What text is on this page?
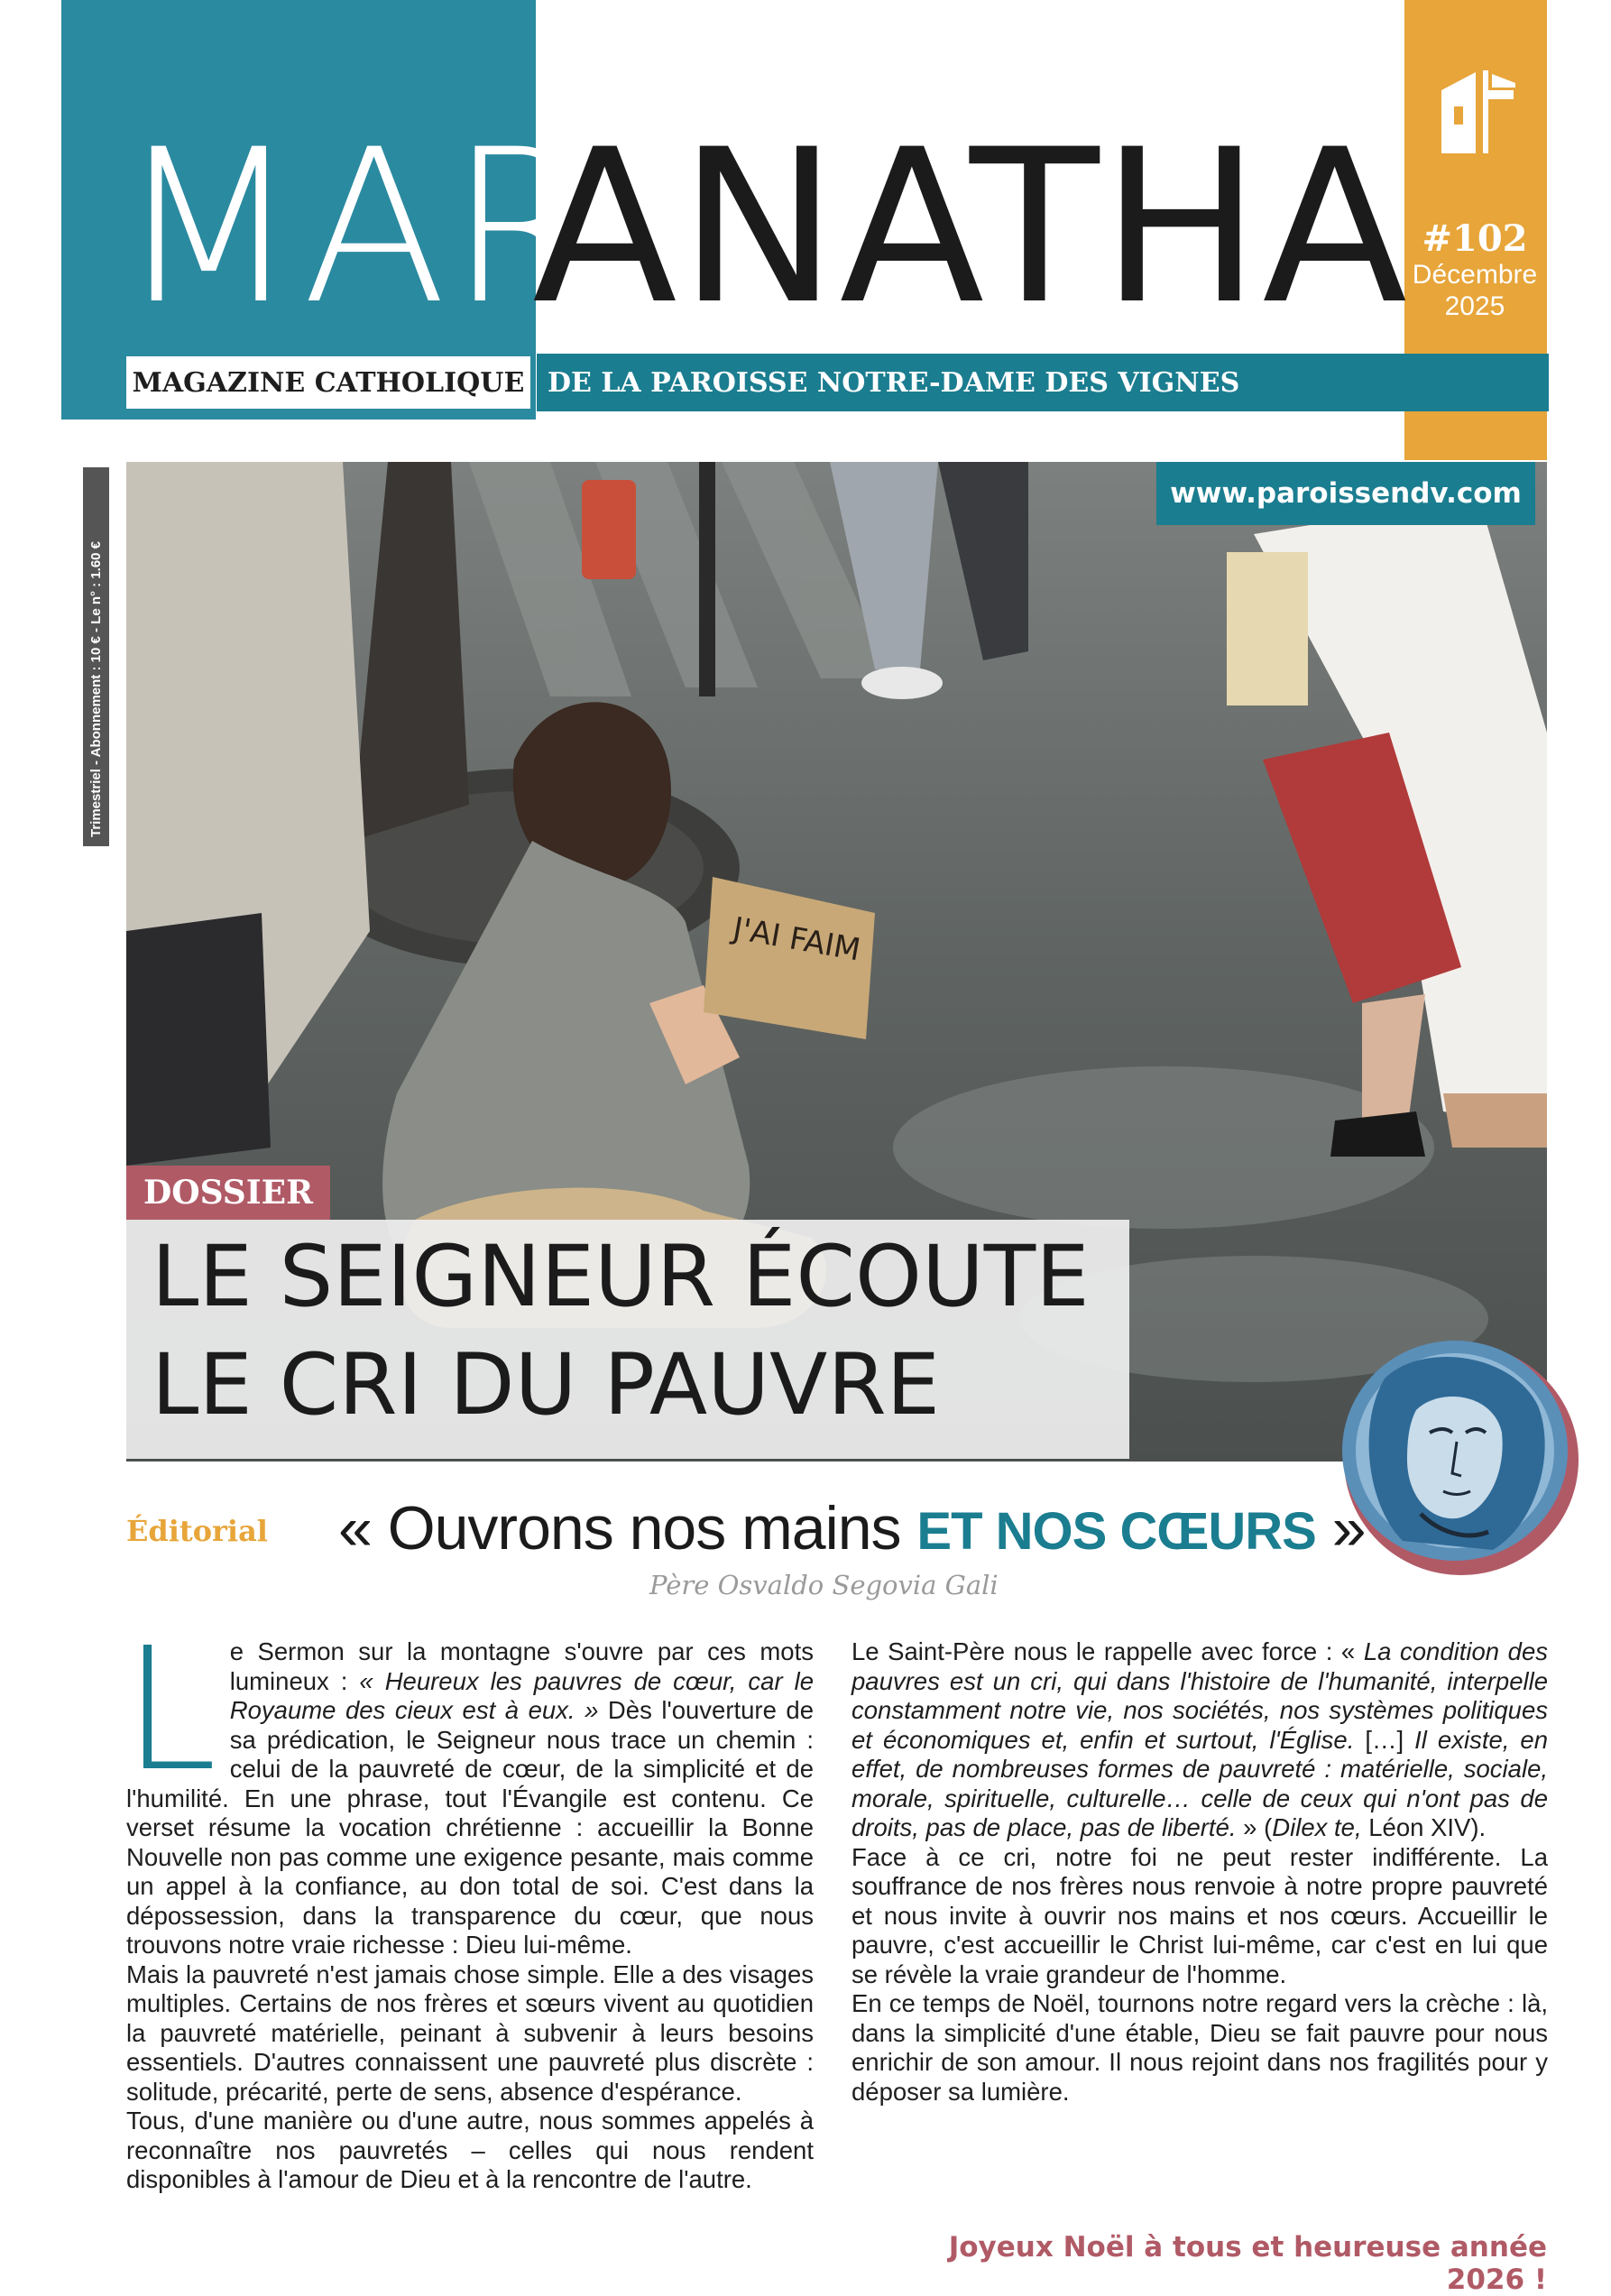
MAR
ANATHA #102
Décembre
2025
MAGAZINE CATHOLIQUE DE LA PAROISSE NOTRE-DAME DES VIGNES
Trimestriel - Abonnement : 10 € - Le n° : 1.60 €
J'AI FAIM
www.paroissendv.com
DOSSIER
LE SEIGNEUR ÉCOUTE
LE CRI DU PAUVRE
Éditorial « Ouvrons nos mains ET NOS CŒURS »
Père Osvaldo Segovia Gali

Le Sermon sur la montagne s'ouvre par ces mots lumineux : « Heureux les pauvres de cœur, car le Royaume des cieux est à eux. » Dès l'ouverture de sa prédication, le Seigneur nous trace un chemin : celui de la pauvreté de cœur, de la simplicité et de l'humilité. En une phrase, tout l'Évangile est contenu. Ce verset résume la vocation chrétienne : accueillir la Bonne Nouvelle non pas comme une exigence pesante, mais comme un appel à la confiance, au don total de soi. C'est dans la dépossession, dans la transparence du cœur, que nous trouvons notre vraie richesse : Dieu lui-même.

Mais la pauvreté n'est jamais chose simple. Elle a des visages multiples. Certains de nos frères et sœurs vivent au quotidien la pauvreté matérielle, peinant à subvenir à leurs besoins essentiels. D'autres connaissent une pauvreté plus discrète : solitude, précarité, perte de sens, absence d'espérance.

Tous, d'une manière ou d'une autre, nous sommes appelés à reconnaître nos pauvretés – celles qui nous rendent disponibles à l'amour de Dieu et à la rencontre de l'autre.

Le Saint-Père nous le rappelle avec force : « La condition des pauvres est un cri, qui dans l'histoire de l'humanité, interpelle constamment notre vie, nos sociétés, nos systèmes politiques et économiques et, enfin et surtout, l'Église. […] Il existe, en effet, de nombreuses formes de pauvreté : matérielle, sociale, morale, spirituelle, culturelle… celle de ceux qui n'ont pas de droits, pas de place, pas de liberté. » (Dilex te, Léon XIV).

Face à ce cri, notre foi ne peut rester indifférente. La souffrance de nos frères nous renvoie à notre propre pauvreté et nous invite à ouvrir nos mains et nos cœurs. Accueillir le pauvre, c'est accueillir le Christ lui-même, car c'est en lui que se révèle la vraie grandeur de l'homme.

En ce temps de Noël, tournons notre regard vers la crèche : là, dans la simplicité d'une étable, Dieu se fait pauvre pour nous enrichir de son amour. Il nous rejoint dans nos fragilités pour y déposer sa lumière.

Joyeux Noël à tous et heureuse année 2026 !
